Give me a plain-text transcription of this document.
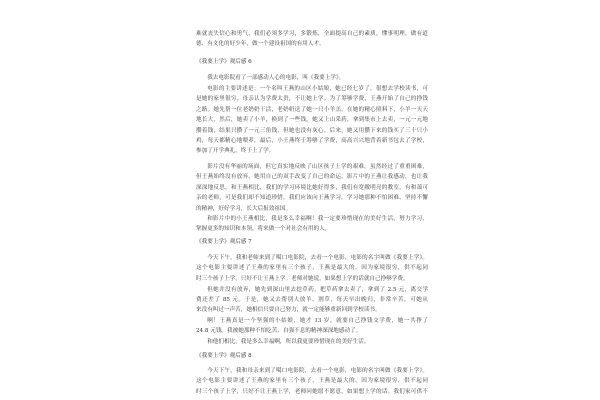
难就丧失信心和勇气，我们必须多学习，多锻炼，全面提高自己的素质，懂事明理，做有道
德、有文化的好少年，做一个建设祖国的有用人才。
《我要上学》观后感 6
我去电影院看了一部感动人心的电影，叫《我要上学》。
电影的主要讲述是：一个名叫王燕的山区小姑娘，她已经七岁了，很想去学校读书，可
是她的家里很穷，母亲认为学费太贵，不让她上学。为了筹够学费，王燕开始了自己的挣钱
之路。她先帮一位老奶奶干活，老奶奶送了她一只小羊羔，在她的精心照料下，小羊一天天
地长大，然后，她卖了小羊，换到了一些钱。她又上山采药，拿到集市上去卖，一元一元地
攒着钱，结果只攒了一元三角钱，但她也没有灰心。后来，她又用攒下来的钱买了三十只小
鸡，每天都精心地喂养，最后，小王燕终于筹够了学费，高高兴兴地背着新书包去了学校，
参加了开学典礼，终于上了学。
影片没有华丽的场面，但它真实地反映了山区孩子上学的艰难。虽然经过了重重困难，
但王燕始终没有放弃，她用自己的双手改变了自己的命运。影片中的王燕让我感动，也让我
深深地反思。和王燕相比，我们的学习环境比她好得多，我们有宽敞明亮的教室，有和蔼可
亲的老师，可是我们却不知道珍惜。我们应该向王燕学习，学习她那种不怕困难、坚持不懈
的精神，好好学习，长大后报效祖国。
和影片中的小王燕相比，我是多么幸福啊！我一定要珍惜现在的美好生活，努力学习，
掌握更多的知识和本领，将来做一个对社会有用的人。
《我要上学》观后感 7
今天下午，我和老师来到了噶口电影院，去看一个电影，电影的名字叫做《我要上学》。
这个电影主要讲述了王燕的家里有三个孩子，王燕是最大的，因为家境很穷，供不起同
时三个孩子上学，只好不让王燕上学。老师对她说，如果想上学的话就自己挣够学费。
但她并没有放弃，她先到深山里去挖草药，把草药拿去卖了，拿到了 2.5 元，离交学
费还差了 85 元。于是，她又去帮别人放羊、割草，每天早出晚归，非常辛苦，可她从
来没有叫过一声苦，她相信只要自己努力，就一定能够重新回到学校读书。
啊！王燕真是一个坚强的小姑娘，她才 13 岁，就要自己挣钱交学费，她一共挣了
24.8 元钱。我被她那种不怕吃苦、自强不息的精神深深地感动了。
和他们相比，我是多么幸福啊，所以我更要珍惜现在的美好生活。
《我要上学》观后感 8
今天下午，我和母亲来到了噶口电影院，去看一个电影，电影的名字叫做《我要上学》。
这个电影主要讲述了王燕的家里有三个孩子，王燕是最大的，因为家境很穷，供不起同
时三个孩子上学，只好不让王燕上学，老师问她愿不愿意，如果想上学的话。我们家可供不
